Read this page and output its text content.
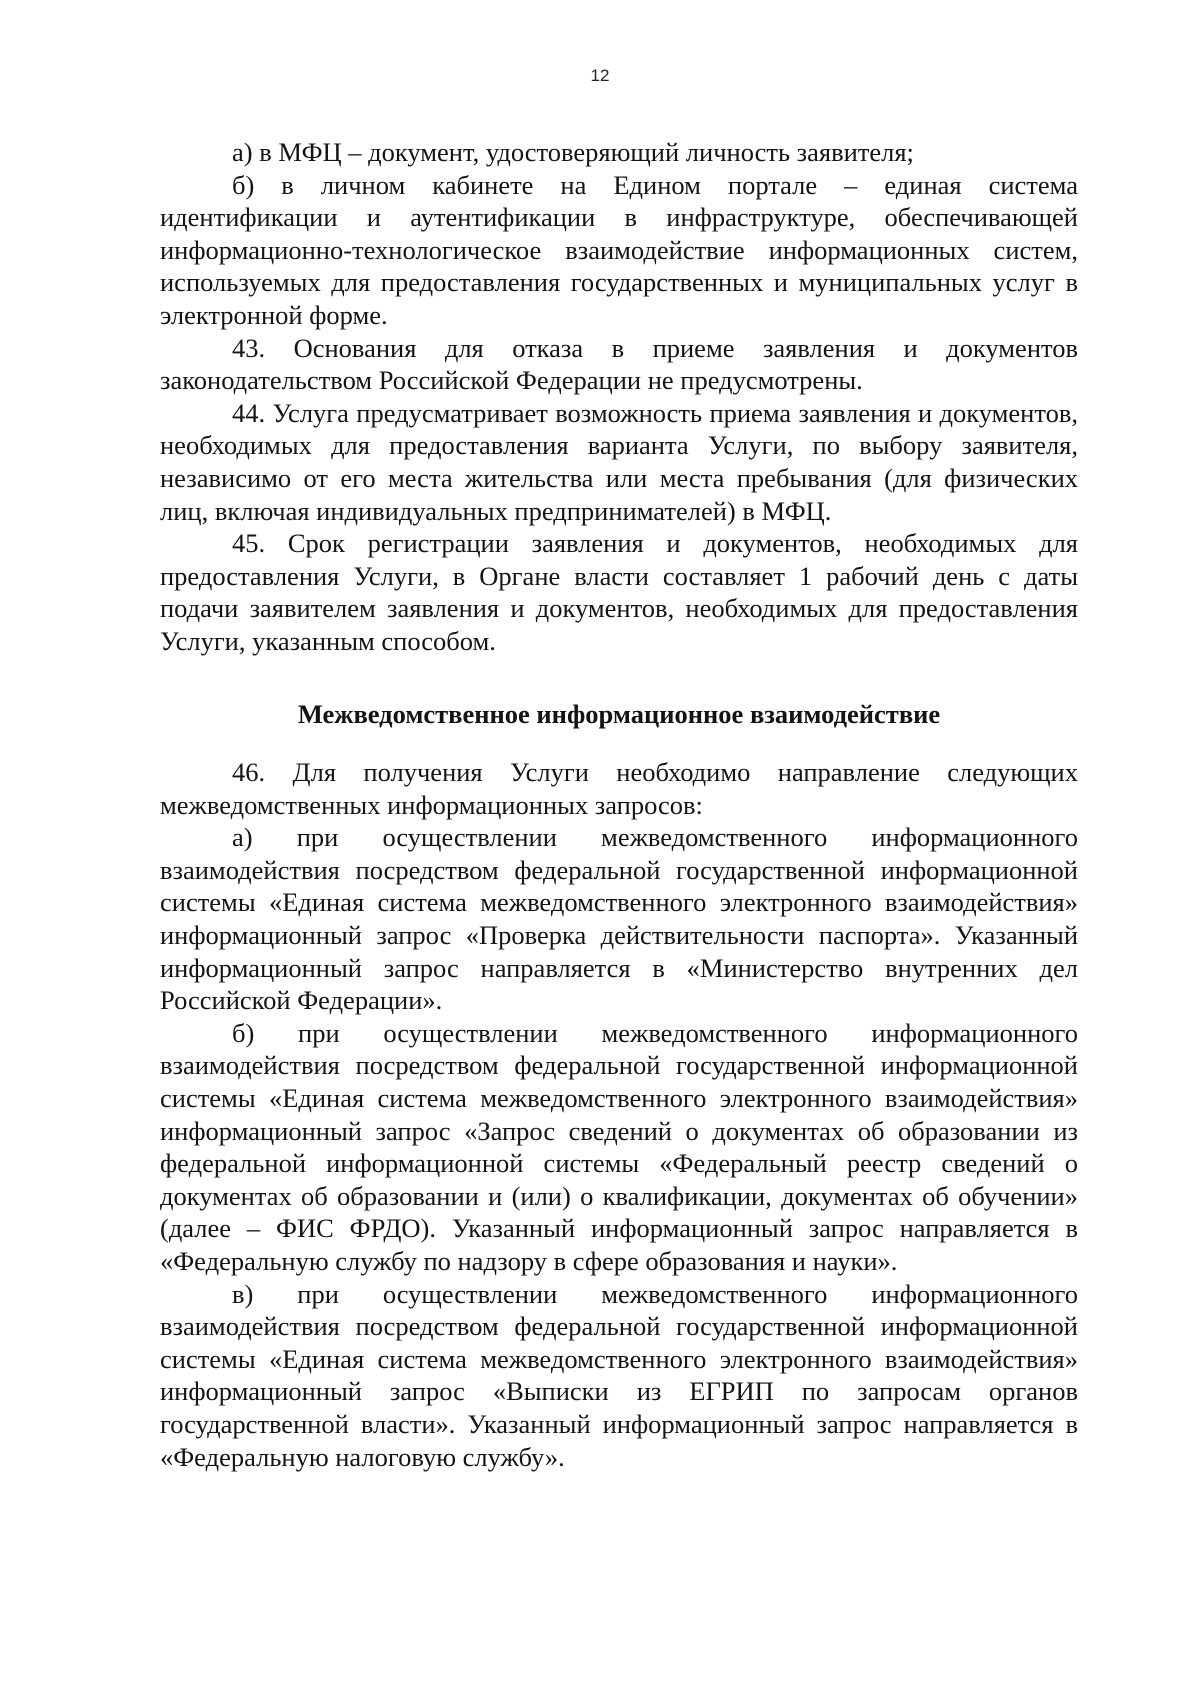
12

а) в МФЦ – документ, удостоверяющий личность заявителя;

б) в личном кабинете на Едином портале – единая система идентификации и аутентификации в инфраструктуре, обеспечивающей информационно-технологическое взаимодействие информационных систем, используемых для предоставления государственных и муниципальных услуг в электронной форме.

43. Основания для отказа в приеме заявления и документов законодательством Российской Федерации не предусмотрены.

44. Услуга предусматривает возможность приема заявления и документов, необходимых для предоставления варианта Услуги, по выбору заявителя, независимо от его места жительства или места пребывания (для физических лиц, включая индивидуальных предпринимателей) в МФЦ.

45. Срок регистрации заявления и документов, необходимых для предоставления Услуги, в Органе власти составляет 1 рабочий день с даты подачи заявителем заявления и документов, необходимых для предоставления Услуги, указанным способом.

Межведомственное информационное взаимодействие

46. Для получения Услуги необходимо направление следующих межведомственных информационных запросов:

а) при осуществлении межведомственного информационного взаимодействия посредством федеральной государственной информационной системы «Единая система межведомственного электронного взаимодействия» информационный запрос «Проверка действительности паспорта». Указанный информационный запрос направляется в «Министерство внутренних дел Российской Федерации».

б) при осуществлении межведомственного информационного взаимодействия посредством федеральной государственной информационной системы «Единая система межведомственного электронного взаимодействия» информационный запрос «Запрос сведений о документах об образовании из федеральной информационной системы «Федеральный реестр сведений о документах об образовании и (или) о квалификации, документах об обучении» (далее – ФИС ФРДО). Указанный информационный запрос направляется в «Федеральную службу по надзору в сфере образования и науки».

в) при осуществлении межведомственного информационного взаимодействия посредством федеральной государственной информационной системы «Единая система межведомственного электронного взаимодействия» информационный запрос «Выписки из ЕГРИП по запросам органов государственной власти». Указанный информационный запрос направляется в «Федеральную налоговую службу».
